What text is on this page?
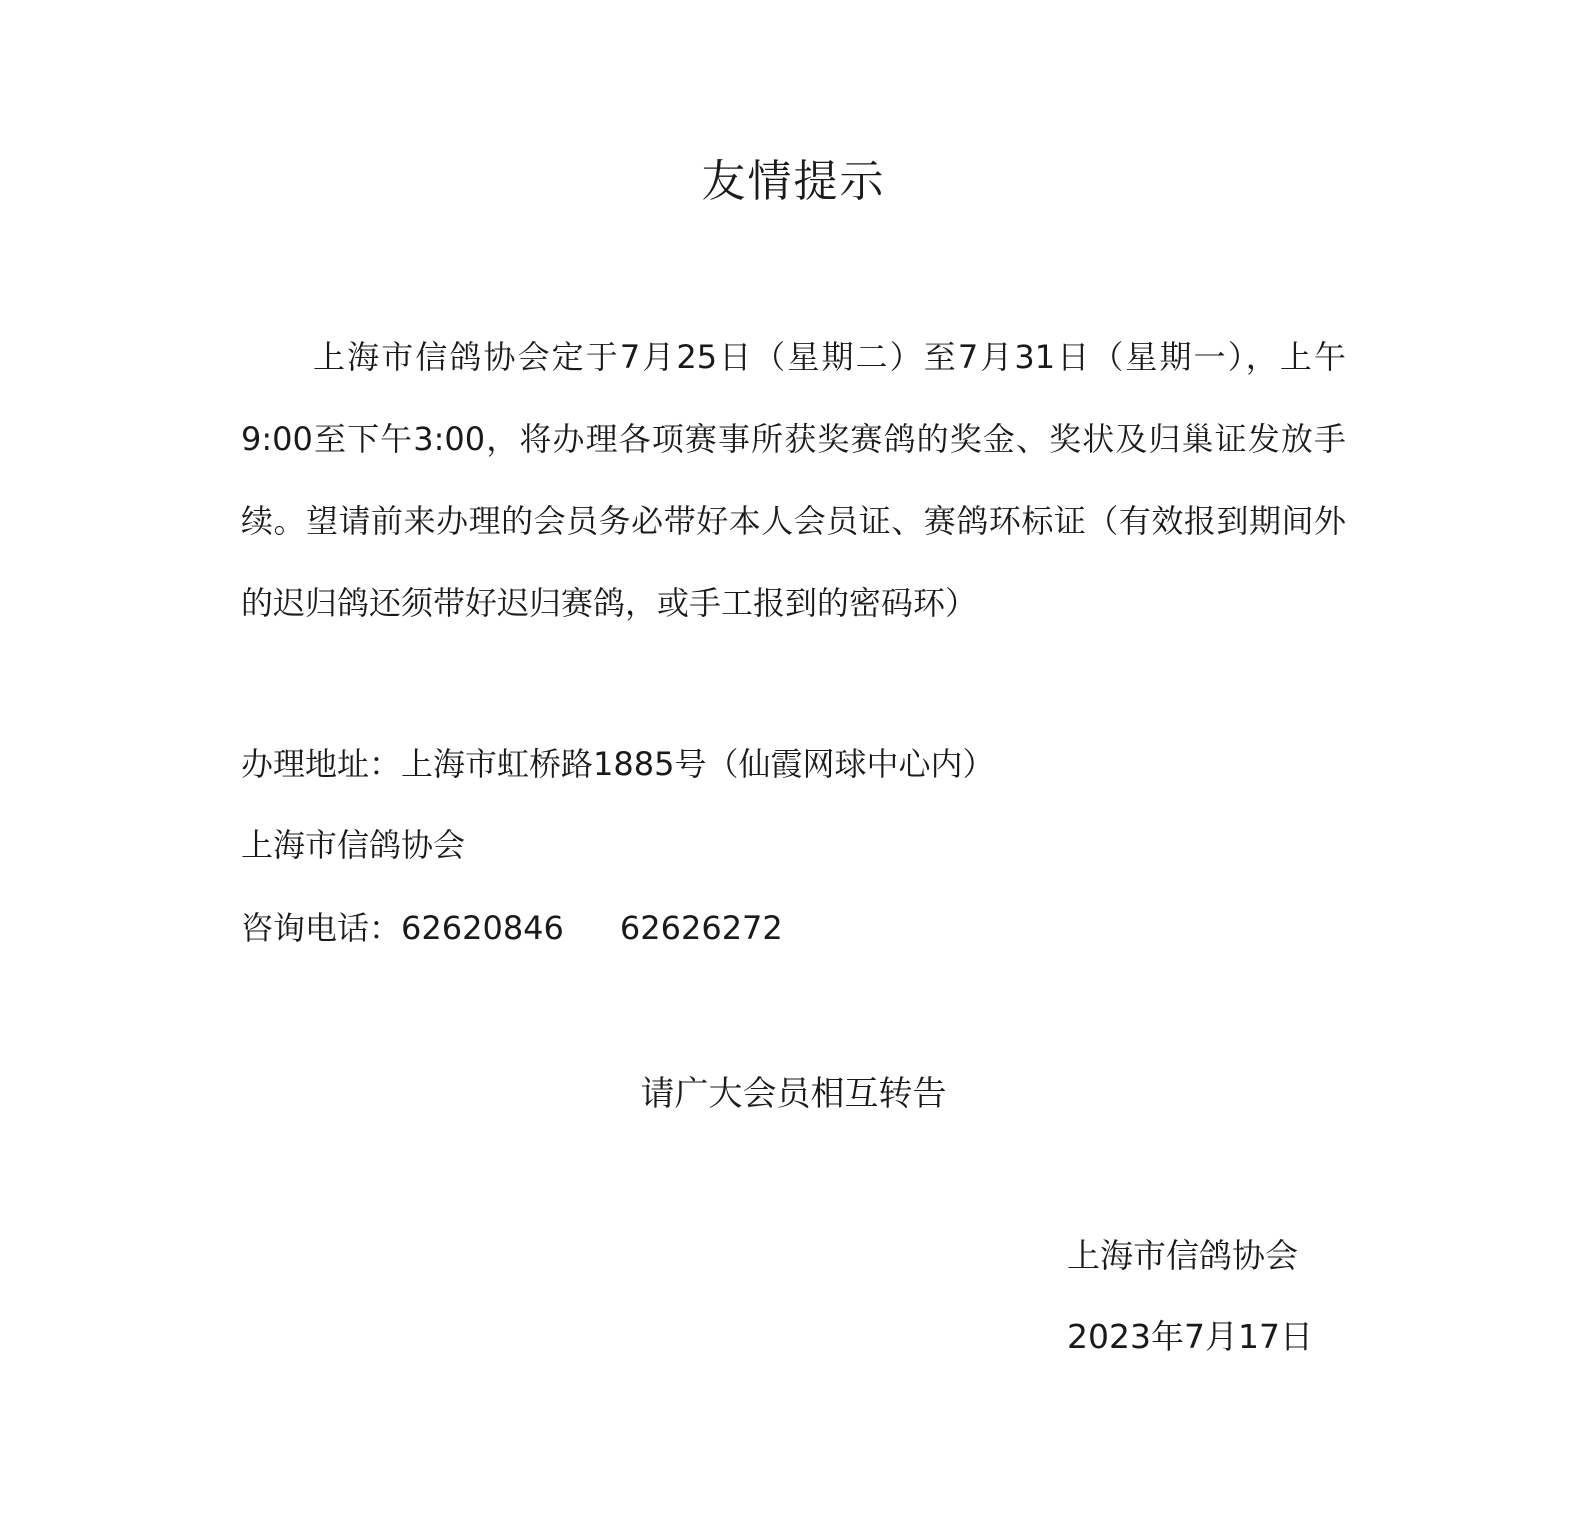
友情提示

上海市信鸽协会定于7月25日（星期二）至7月31日（星期一），上午9:00至下午3:00，将办理各项赛事所获奖赛鸽的奖金、奖状及归巢证发放手续。望请前来办理的会员务必带好本人会员证、赛鸽环标证（有效报到期间外的迟归鸽还须带好迟归赛鸽，或手工报到的密码环）

办理地址：上海市虹桥路1885号（仙霞网球中心内）

上海市信鸽协会

咨询电话：62620846 62626272

请广大会员相互转告
上海市信鸽协会
2023年7月17日
